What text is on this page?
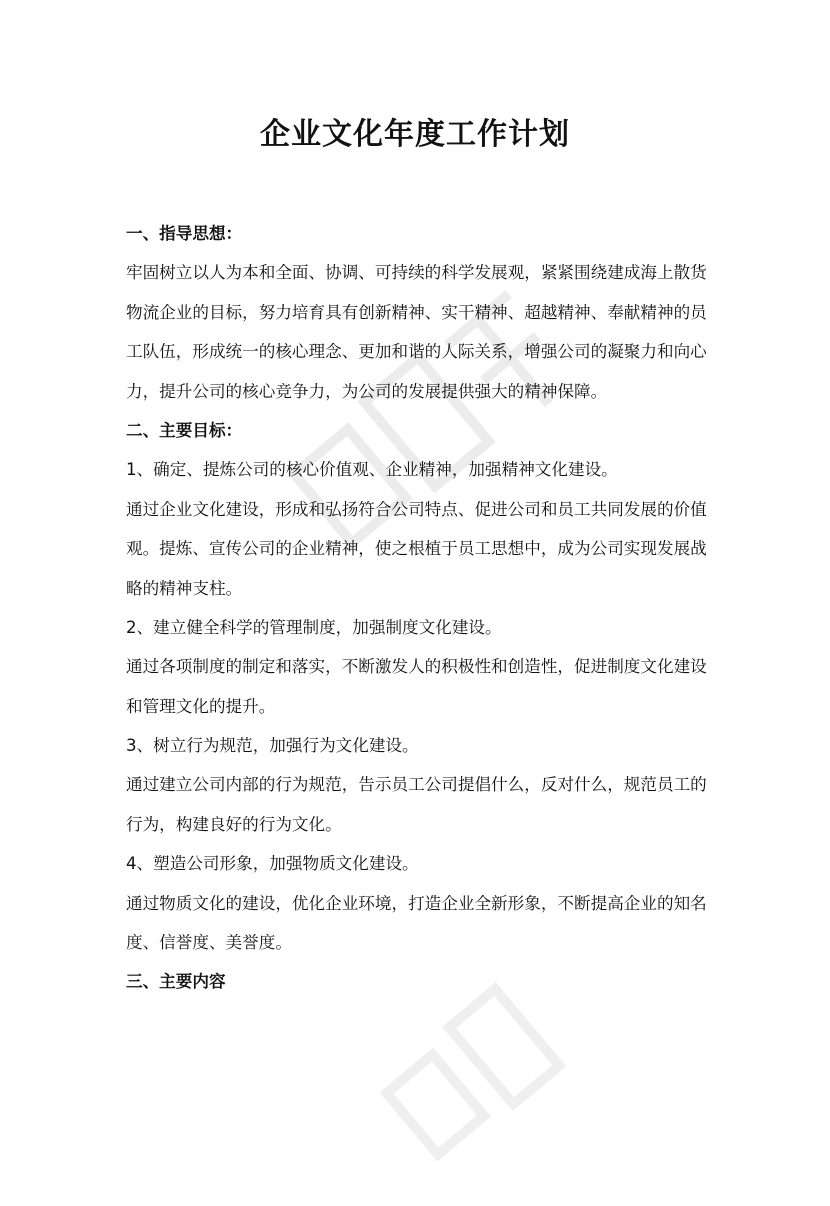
企业文化年度工作计划

一、指导思想：

牢固树立以人为本和全面、协调、可持续的科学发展观，紧紧围绕建成海上散货

物流企业的目标，努力培育具有创新精神、实干精神、超越精神、奉献精神的员

工队伍，形成统一的核心理念、更加和谐的人际关系，增强公司的凝聚力和向心

力，提升公司的核心竞争力，为公司的发展提供强大的精神保障。

二、主要目标：

1、确定、提炼公司的核心价值观、企业精神，加强精神文化建设。

通过企业文化建设，形成和弘扬符合公司特点、促进公司和员工共同发展的价值

观。提炼、宣传公司的企业精神，使之根植于员工思想中，成为公司实现发展战

略的精神支柱。

2、建立健全科学的管理制度，加强制度文化建设。

通过各项制度的制定和落实，不断激发人的积极性和创造性，促进制度文化建设

和管理文化的提升。

3、树立行为规范，加强行为文化建设。

通过建立公司内部的行为规范，告示员工公司提倡什么，反对什么，规范员工的

行为，构建良好的行为文化。

4、塑造公司形象，加强物质文化建设。

通过物质文化的建设，优化企业环境，打造企业全新形象，不断提高企业的知名

度、信誉度、美誉度。

三、主要内容
